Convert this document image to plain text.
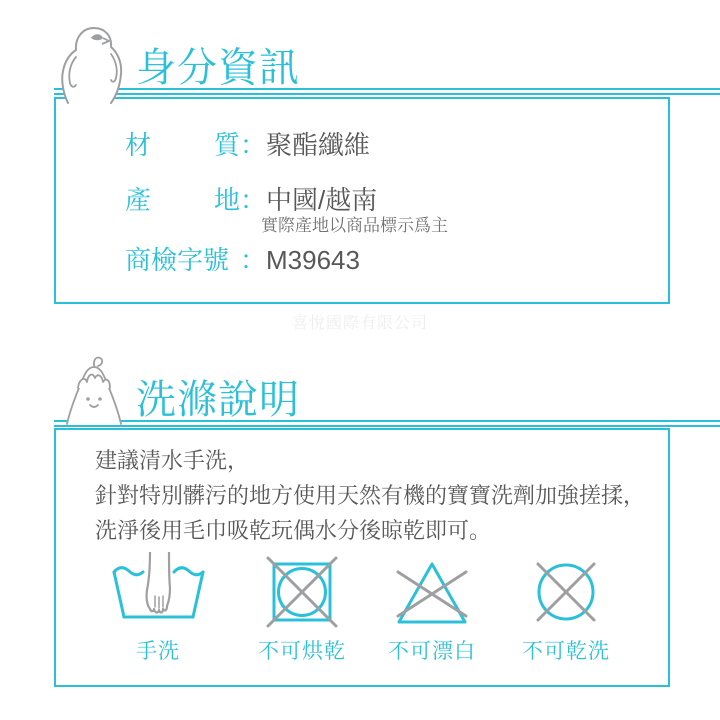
身分資訊
材 質 ：聚酯纖維
產 地 ：中國/越南
實際產地以商品標示爲主
商檢字號 ：M39643
喜悅國際有限公司
洗滌說明
建議清水手洗，
針對特別髒污的地方使用天然有機的寶寶洗劑加強搓揉，
洗淨後用毛巾吸乾玩偶水分後晾乾即可。
手洗	不可烘乾	不可漂白	不可乾洗
